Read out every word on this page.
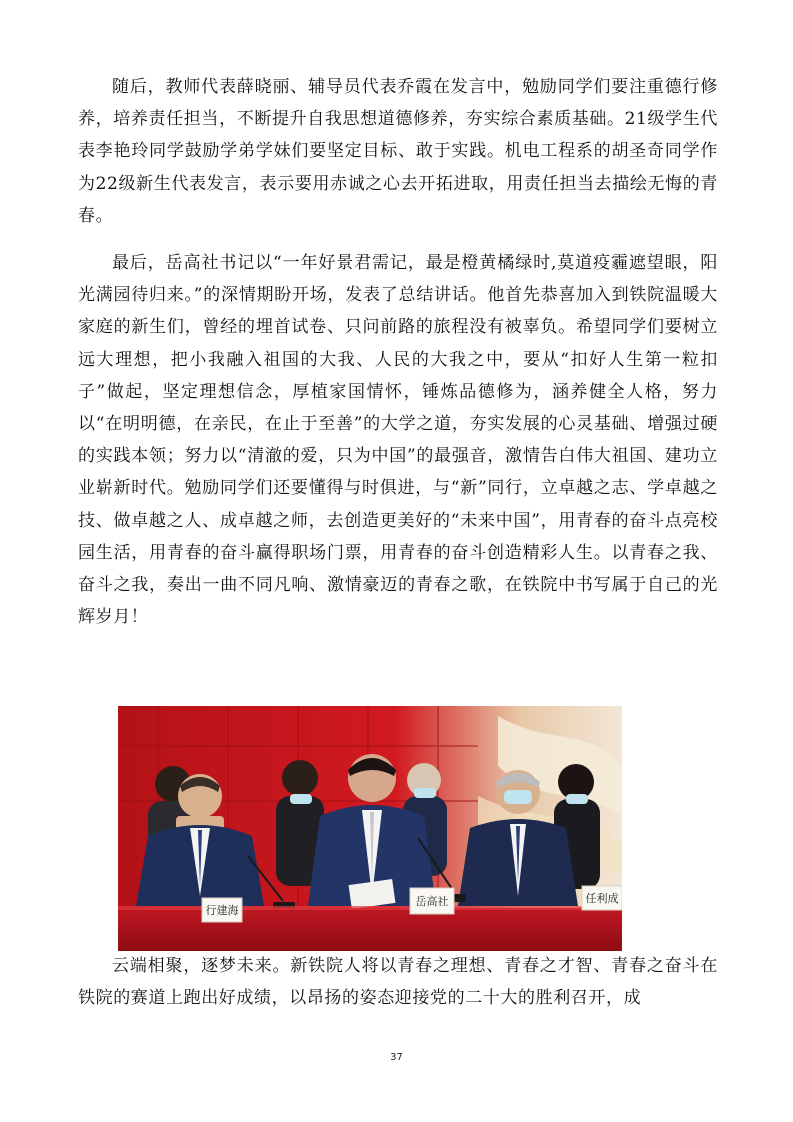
随后，教师代表薛晓丽、辅导员代表乔霞在发言中，勉励同学们要注重德行修养，培养责任担当，不断提升自我思想道德修养，夯实综合素质基础。21级学生代表李艳玲同学鼓励学弟学妹们要坚定目标、敢于实践。机电工程系的胡圣奇同学作为22级新生代表发言，表示要用赤诚之心去开拓进取，用责任担当去描绘无悔的青春。

最后，岳高社书记以“一年好景君需记，最是橙黄橘绿时,莫道疫霾遮望眼，阳光满园待归来。”的深情期盼开场，发表了总结讲话。他首先恭喜加入到铁院温暖大家庭的新生们，曾经的埋首试卷、只问前路的旅程没有被辜负。希望同学们要树立远大理想，把小我融入祖国的大我、人民的大我之中，要从“扣好人生第一粒扣子”做起，坚定理想信念，厚植家国情怀，锤炼品德修为，涵养健全人格，努力以“在明明德，在亲民，在止于至善”的大学之道，夯实发展的心灵基础、增强过硬的实践本领；努力以“清澈的爱，只为中国”的最强音，激情告白伟大祖国、建功立业崭新时代。勉励同学们还要懂得与时俱进，与“新”同行，立卓越之志、学卓越之技、做卓越之人、成卓越之师，去创造更美好的“未来中国”，用青春的奋斗点亮校园生活，用青春的奋斗赢得职场门票，用青春的奋斗创造精彩人生。以青春之我、奋斗之我，奏出一曲不同凡响、激情豪迈的青春之歌，在铁院中书写属于自己的光辉岁月！

行建海
岳高社	任利成

云端相聚，逐梦未来。新铁院人将以青春之理想、青春之才智、青春之奋斗在铁院的赛道上跑出好成绩，以昂扬的姿态迎接党的二十大的胜利召开，成

37
